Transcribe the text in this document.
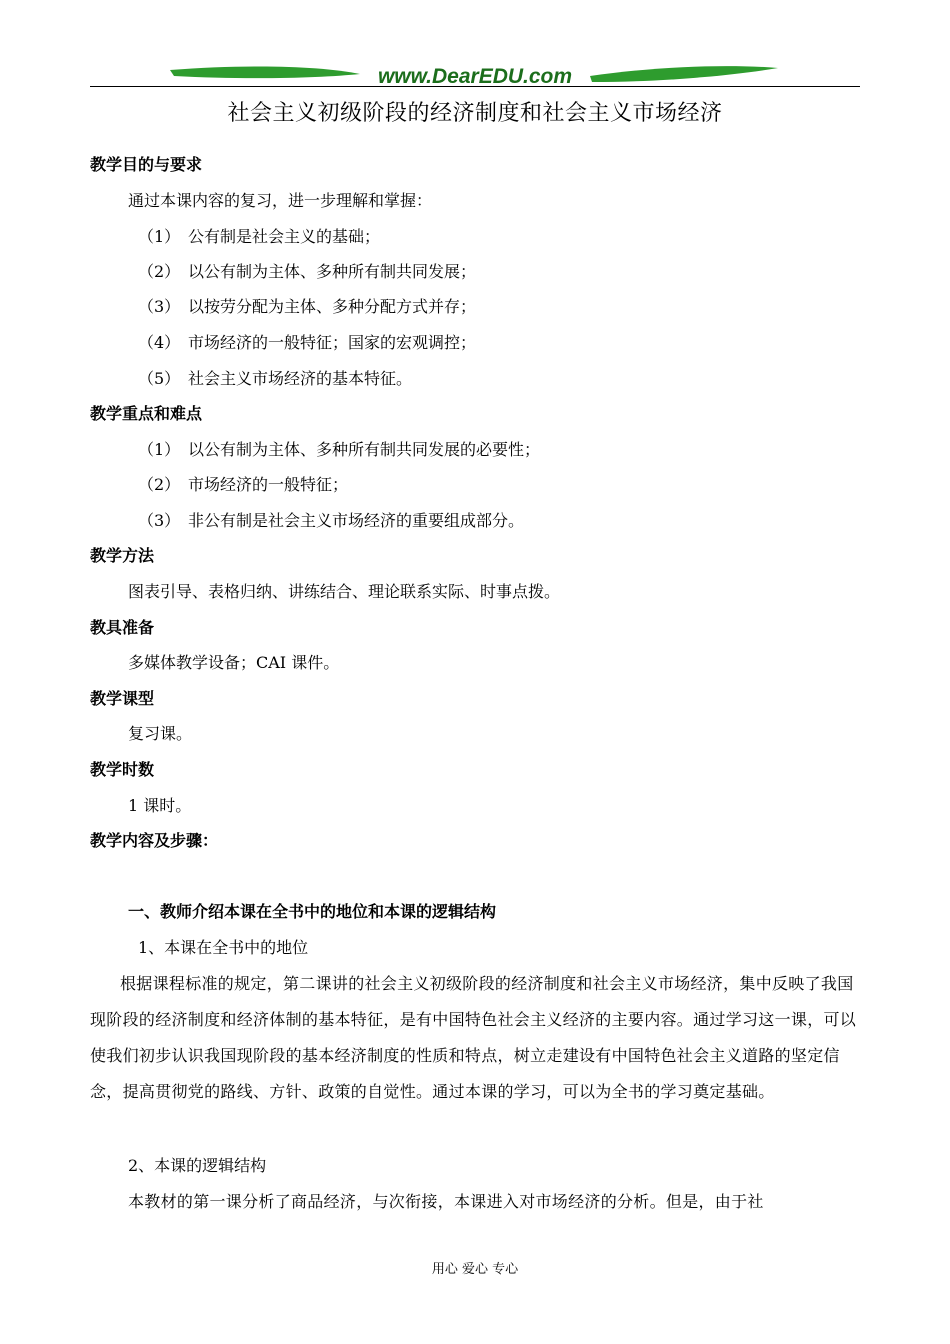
www.DearEDU.com
社会主义初级阶段的经济制度和社会主义市场经济
教学目的与要求
通过本课内容的复习，进一步理解和掌握：
（1） 公有制是社会主义的基础；
（2） 以公有制为主体、多种所有制共同发展；
（3） 以按劳分配为主体、多种分配方式并存；
（4） 市场经济的一般特征；国家的宏观调控；
（5） 社会主义市场经济的基本特征。
教学重点和难点
（1） 以公有制为主体、多种所有制共同发展的必要性；
（2） 市场经济的一般特征；
（3） 非公有制是社会主义市场经济的重要组成部分。
教学方法
图表引导、表格归纳、讲练结合、理论联系实际、时事点拨。
教具准备
多媒体教学设备；CAI 课件。
教学课型
复习课。
教学时数
1 课时。
教学内容及步骤：
一、教师介绍本课在全书中的地位和本课的逻辑结构
1、本课在全书中的地位
根据课程标准的规定，第二课讲的社会主义初级阶段的经济制度和社会主义市场经济，集中反映了我国现阶段的经济制度和经济体制的基本特征，是有中国特色社会主义经济的主要内容。通过学习这一课，可以使我们初步认识我国现阶段的基本经济制度的性质和特点，树立走建设有中国特色社会主义道路的坚定信念，提高贯彻党的路线、方针、政策的自觉性。通过本课的学习，可以为全书的学习奠定基础。
2、本课的逻辑结构
本教材的第一课分析了商品经济，与次衔接，本课进入对市场经济的分析。但是，由于社
用心 爱心 专心
